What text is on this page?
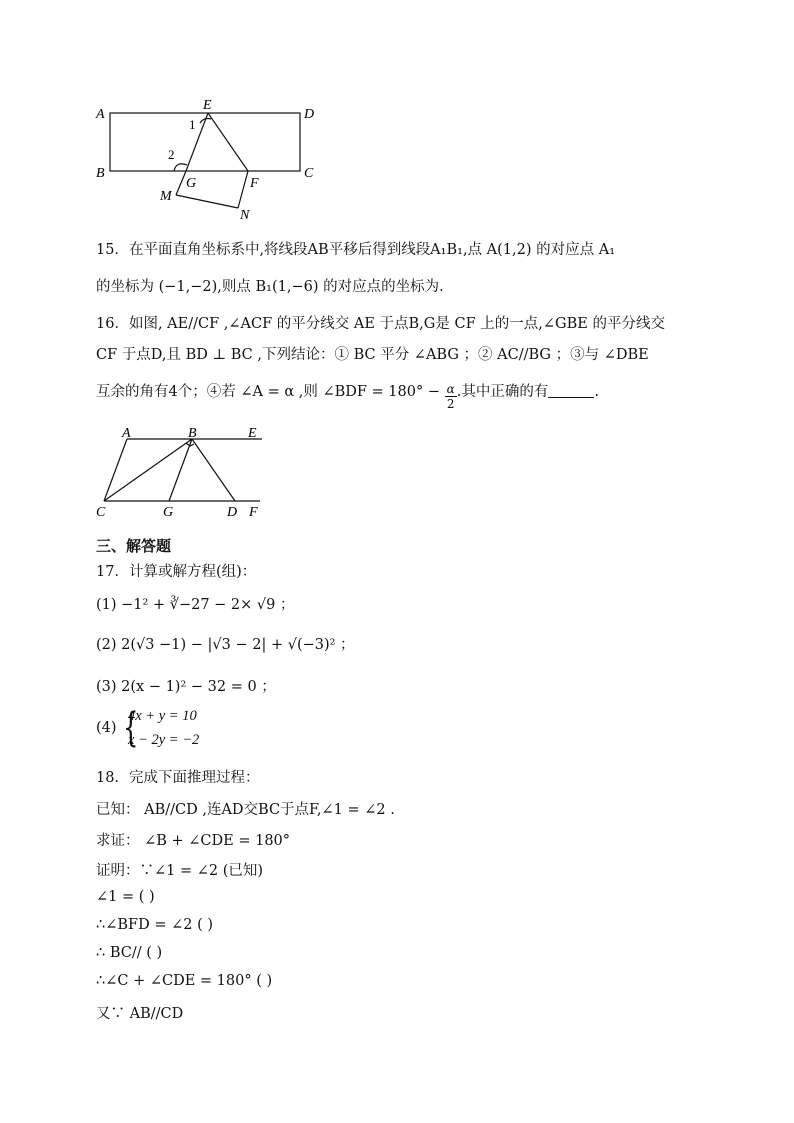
A
E
D
B	C
G	F
M
N
1
2
15．在平面直角坐标系中,将线段AB平移后得到线段A₁B₁,点 A(1,2) 的对应点 A₁
的坐标为 (−1,−2),则点 B₁(1,−6) 的对应点的坐标为.
16．如图, AE//CF ,∠ACF 的平分线交 AE 于点B,G是 CF 上的一点,∠GBE 的平分线交
CF 于点D,且 BD ⊥ BC ,下列结论：① BC 平分 ∠ABG ；② AC//BG ；③与 ∠DBE
互余的角有4个；④若 ∠A = α ,则 ∠BDF = $180^\circ - \frac{\alpha}{2}$ .其中正确的有	.
A	B	E
C	G	D F
三、解答题
17．计算或解方程(组)：
(1) −1² + ∛−27 − 2× √9 ；
(2) 2(√3 −1) − |√3 − 2| + √(−3)² ；
(3) 2(x − 1)² − 32 = 0 ；
(4) {
4x + y = 10
x − 2y = −2
18．完成下面推理过程：
已知： AB//CD ,连AD交BC于点F,∠1 = ∠2 .
求证： ∠B + ∠CDE = 180°
证明：∵∠1 = ∠2 (已知)
∠1 = ( )
∴∠BFD = ∠2 ( )
∴ BC// ( )
∴∠C + ∠CDE = 180° ( )
又∵ AB//CD
